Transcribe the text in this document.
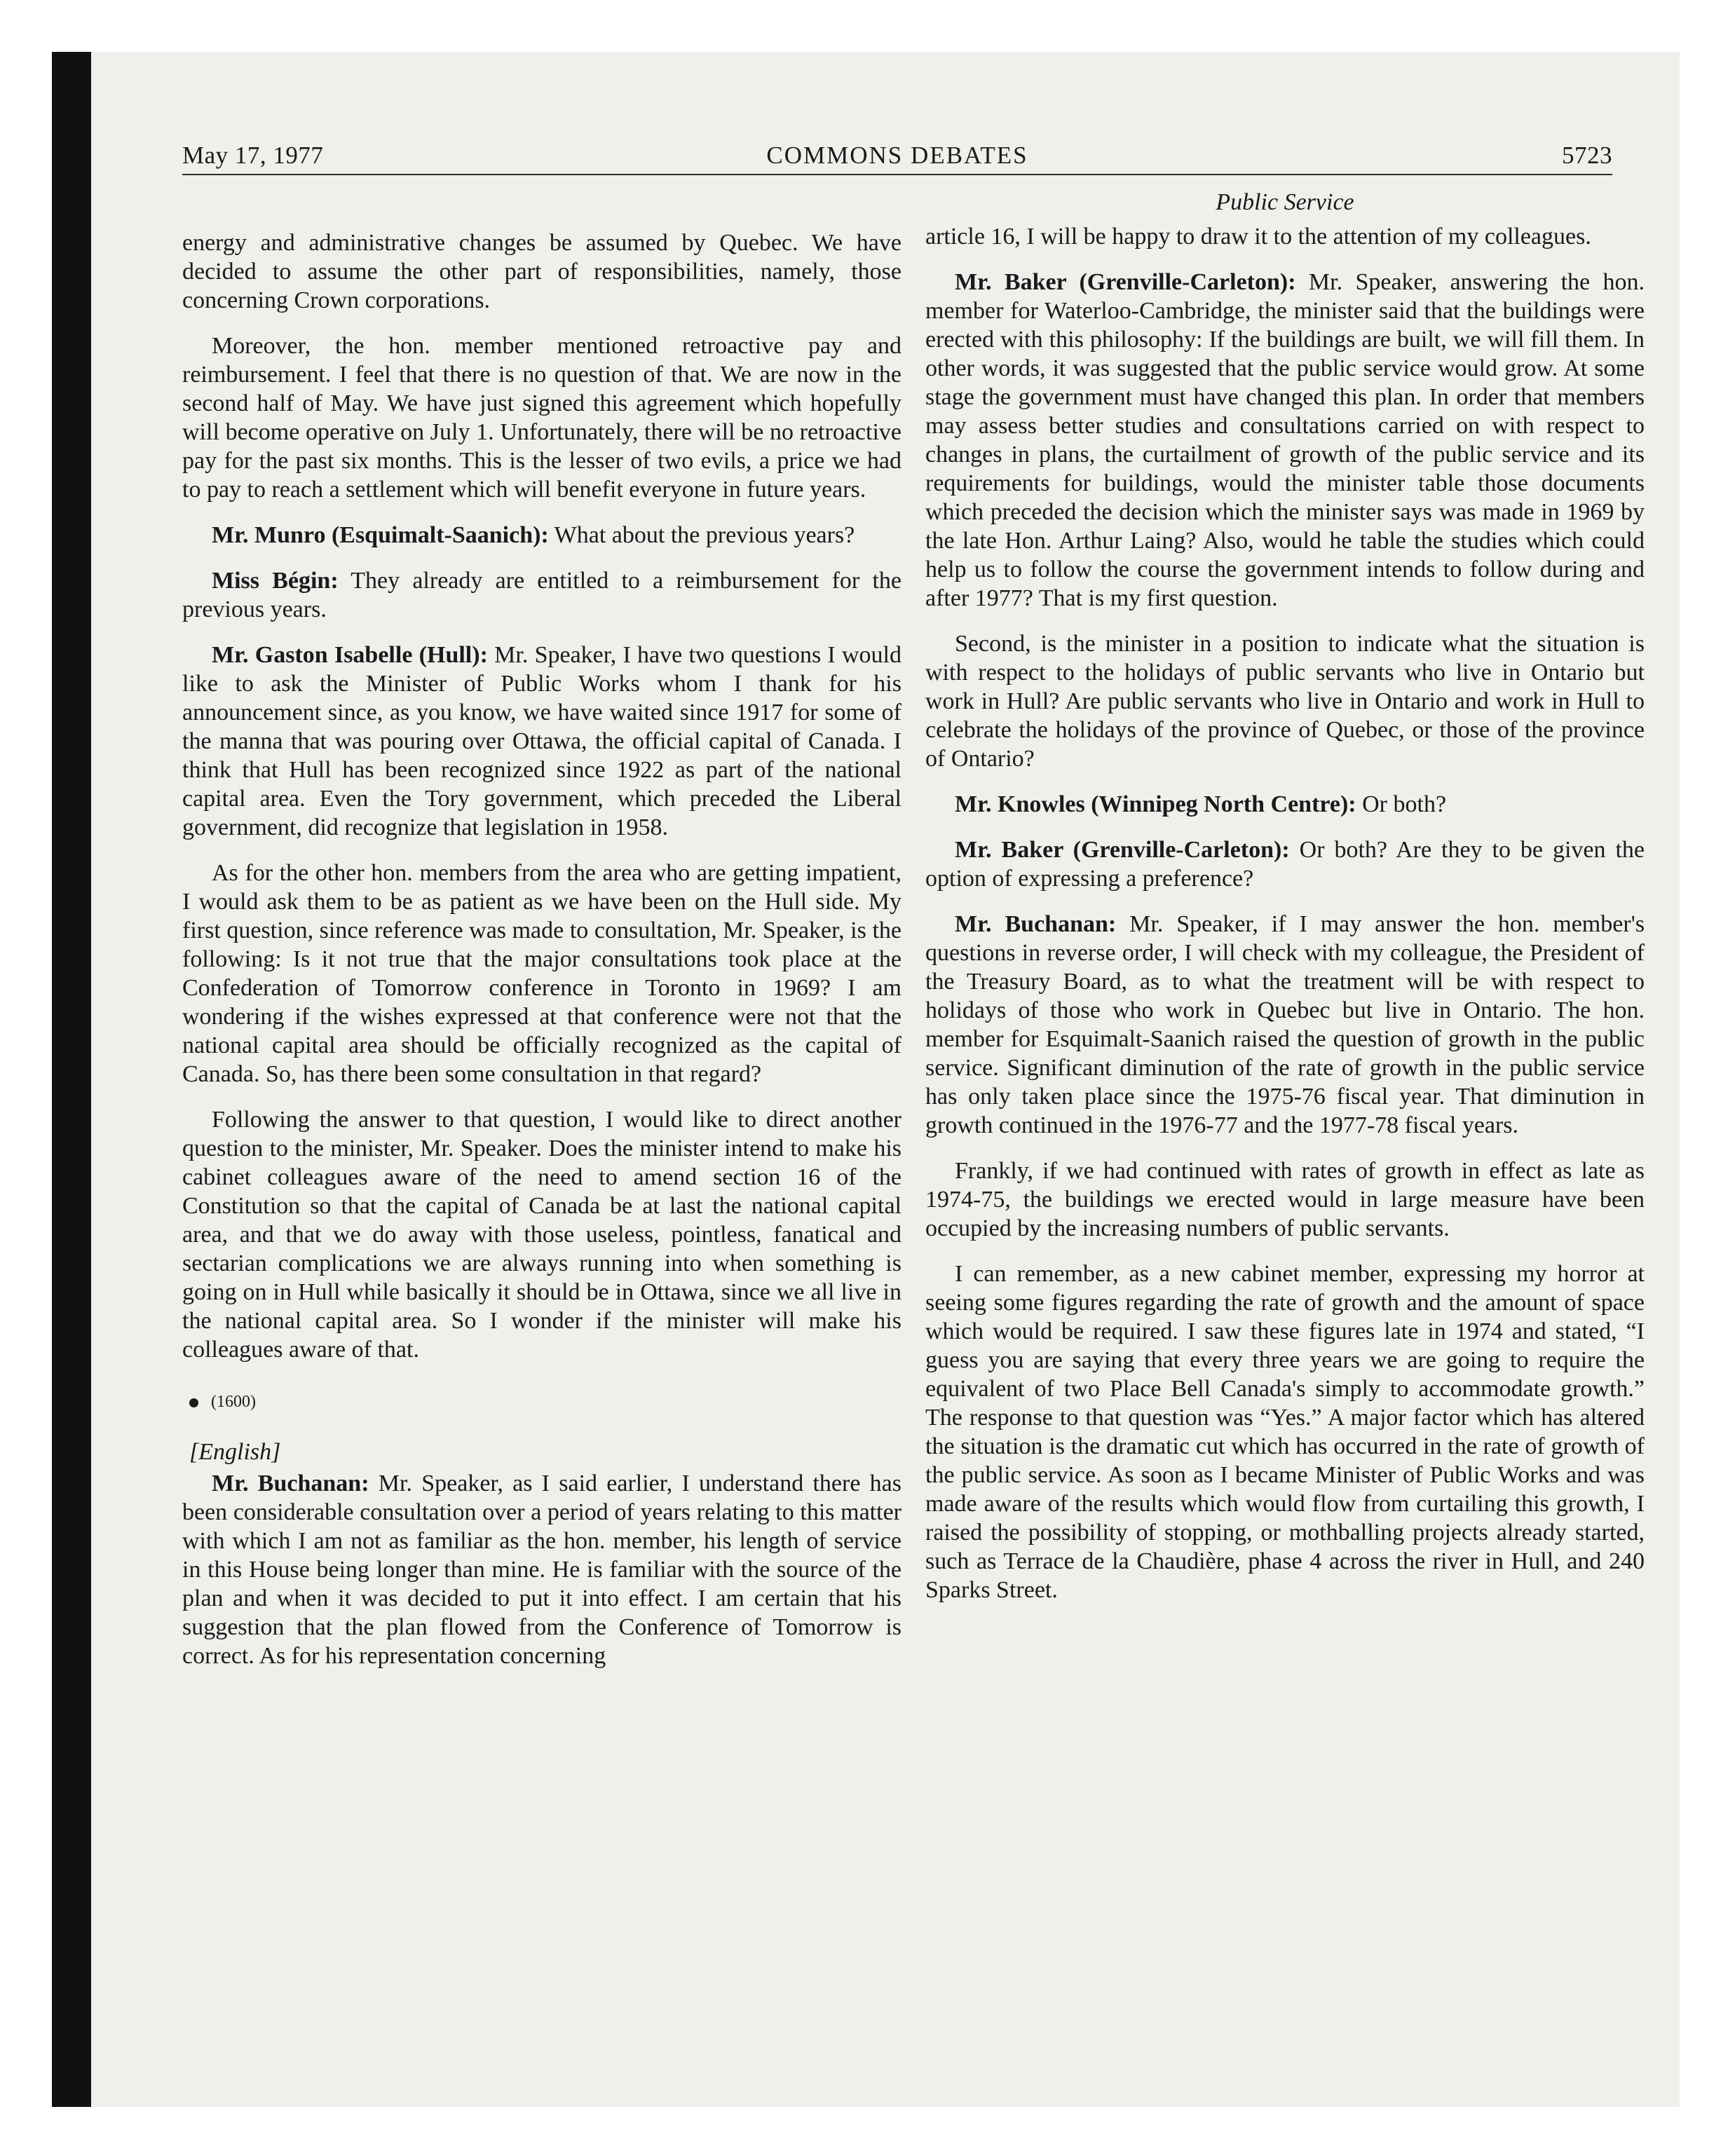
May 17, 1977	COMMONS DEBATES	5723

energy and administrative changes be assumed by Quebec. We have decided to assume the other part of responsibilities, namely, those concerning Crown corporations.

Moreover, the hon. member mentioned retroactive pay and reimbursement. I feel that there is no question of that. We are now in the second half of May. We have just signed this agreement which hopefully will become operative on July 1. Unfortunately, there will be no retroactive pay for the past six months. This is the lesser of two evils, a price we had to pay to reach a settlement which will benefit everyone in future years.

Mr. Munro (Esquimalt-Saanich): What about the previous years?

Miss Bégin: They already are entitled to a reimbursement for the previous years.

Mr. Gaston Isabelle (Hull): Mr. Speaker, I have two questions I would like to ask the Minister of Public Works whom I thank for his announcement since, as you know, we have waited since 1917 for some of the manna that was pouring over Ottawa, the official capital of Canada. I think that Hull has been recognized since 1922 as part of the national capital area. Even the Tory government, which preceded the Liberal government, did recognize that legislation in 1958.

As for the other hon. members from the area who are getting impatient, I would ask them to be as patient as we have been on the Hull side. My first question, since reference was made to consultation, Mr. Speaker, is the following: Is it not true that the major consultations took place at the Confederation of Tomorrow conference in Toronto in 1969? I am wondering if the wishes expressed at that conference were not that the national capital area should be officially recognized as the capital of Canada. So, has there been some consultation in that regard?

Following the answer to that question, I would like to direct another question to the minister, Mr. Speaker. Does the minister intend to make his cabinet colleagues aware of the need to amend section 16 of the Constitution so that the capital of Canada be at last the national capital area, and that we do away with those useless, pointless, fanatical and sectarian complications we are always running into when something is going on in Hull while basically it should be in Ottawa, since we all live in the national capital area. So I wonder if the minister will make his colleagues aware of that.

(1600)
[English]

Mr. Buchanan: Mr. Speaker, as I said earlier, I understand there has been considerable consultation over a period of years relating to this matter with which I am not as familiar as the hon. member, his length of service in this House being longer than mine. He is familiar with the source of the plan and when it was decided to put it into effect. I am certain that his suggestion that the plan flowed from the Conference of Tomorrow is correct. As for his representation concerning

Public Service

article 16, I will be happy to draw it to the attention of my colleagues.

Mr. Baker (Grenville-Carleton): Mr. Speaker, answering the hon. member for Waterloo-Cambridge, the minister said that the buildings were erected with this philosophy: If the buildings are built, we will fill them. In other words, it was suggested that the public service would grow. At some stage the government must have changed this plan. In order that members may assess better studies and consultations carried on with respect to changes in plans, the curtailment of growth of the public service and its requirements for buildings, would the minister table those documents which preceded the decision which the minister says was made in 1969 by the late Hon. Arthur Laing? Also, would he table the studies which could help us to follow the course the government intends to follow during and after 1977? That is my first question.

Second, is the minister in a position to indicate what the situation is with respect to the holidays of public servants who live in Ontario but work in Hull? Are public servants who live in Ontario and work in Hull to celebrate the holidays of the province of Quebec, or those of the province of Ontario?

Mr. Knowles (Winnipeg North Centre): Or both?

Mr. Baker (Grenville-Carleton): Or both? Are they to be given the option of expressing a preference?

Mr. Buchanan: Mr. Speaker, if I may answer the hon. member's questions in reverse order, I will check with my colleague, the President of the Treasury Board, as to what the treatment will be with respect to holidays of those who work in Quebec but live in Ontario. The hon. member for Esquimalt-Saanich raised the question of growth in the public service. Significant diminution of the rate of growth in the public service has only taken place since the 1975-76 fiscal year. That diminution in growth continued in the 1976-77 and the 1977-78 fiscal years.

Frankly, if we had continued with rates of growth in effect as late as 1974-75, the buildings we erected would in large measure have been occupied by the increasing numbers of public servants.

I can remember, as a new cabinet member, expressing my horror at seeing some figures regarding the rate of growth and the amount of space which would be required. I saw these figures late in 1974 and stated, “I guess you are saying that every three years we are going to require the equivalent of two Place Bell Canada's simply to accommodate growth.” The response to that question was “Yes.” A major factor which has altered the situation is the dramatic cut which has occurred in the rate of growth of the public service. As soon as I became Minister of Public Works and was made aware of the results which would flow from curtailing this growth, I raised the possibility of stopping, or mothballing projects already started, such as Terrace de la Chaudière, phase 4 across the river in Hull, and 240 Sparks Street.
